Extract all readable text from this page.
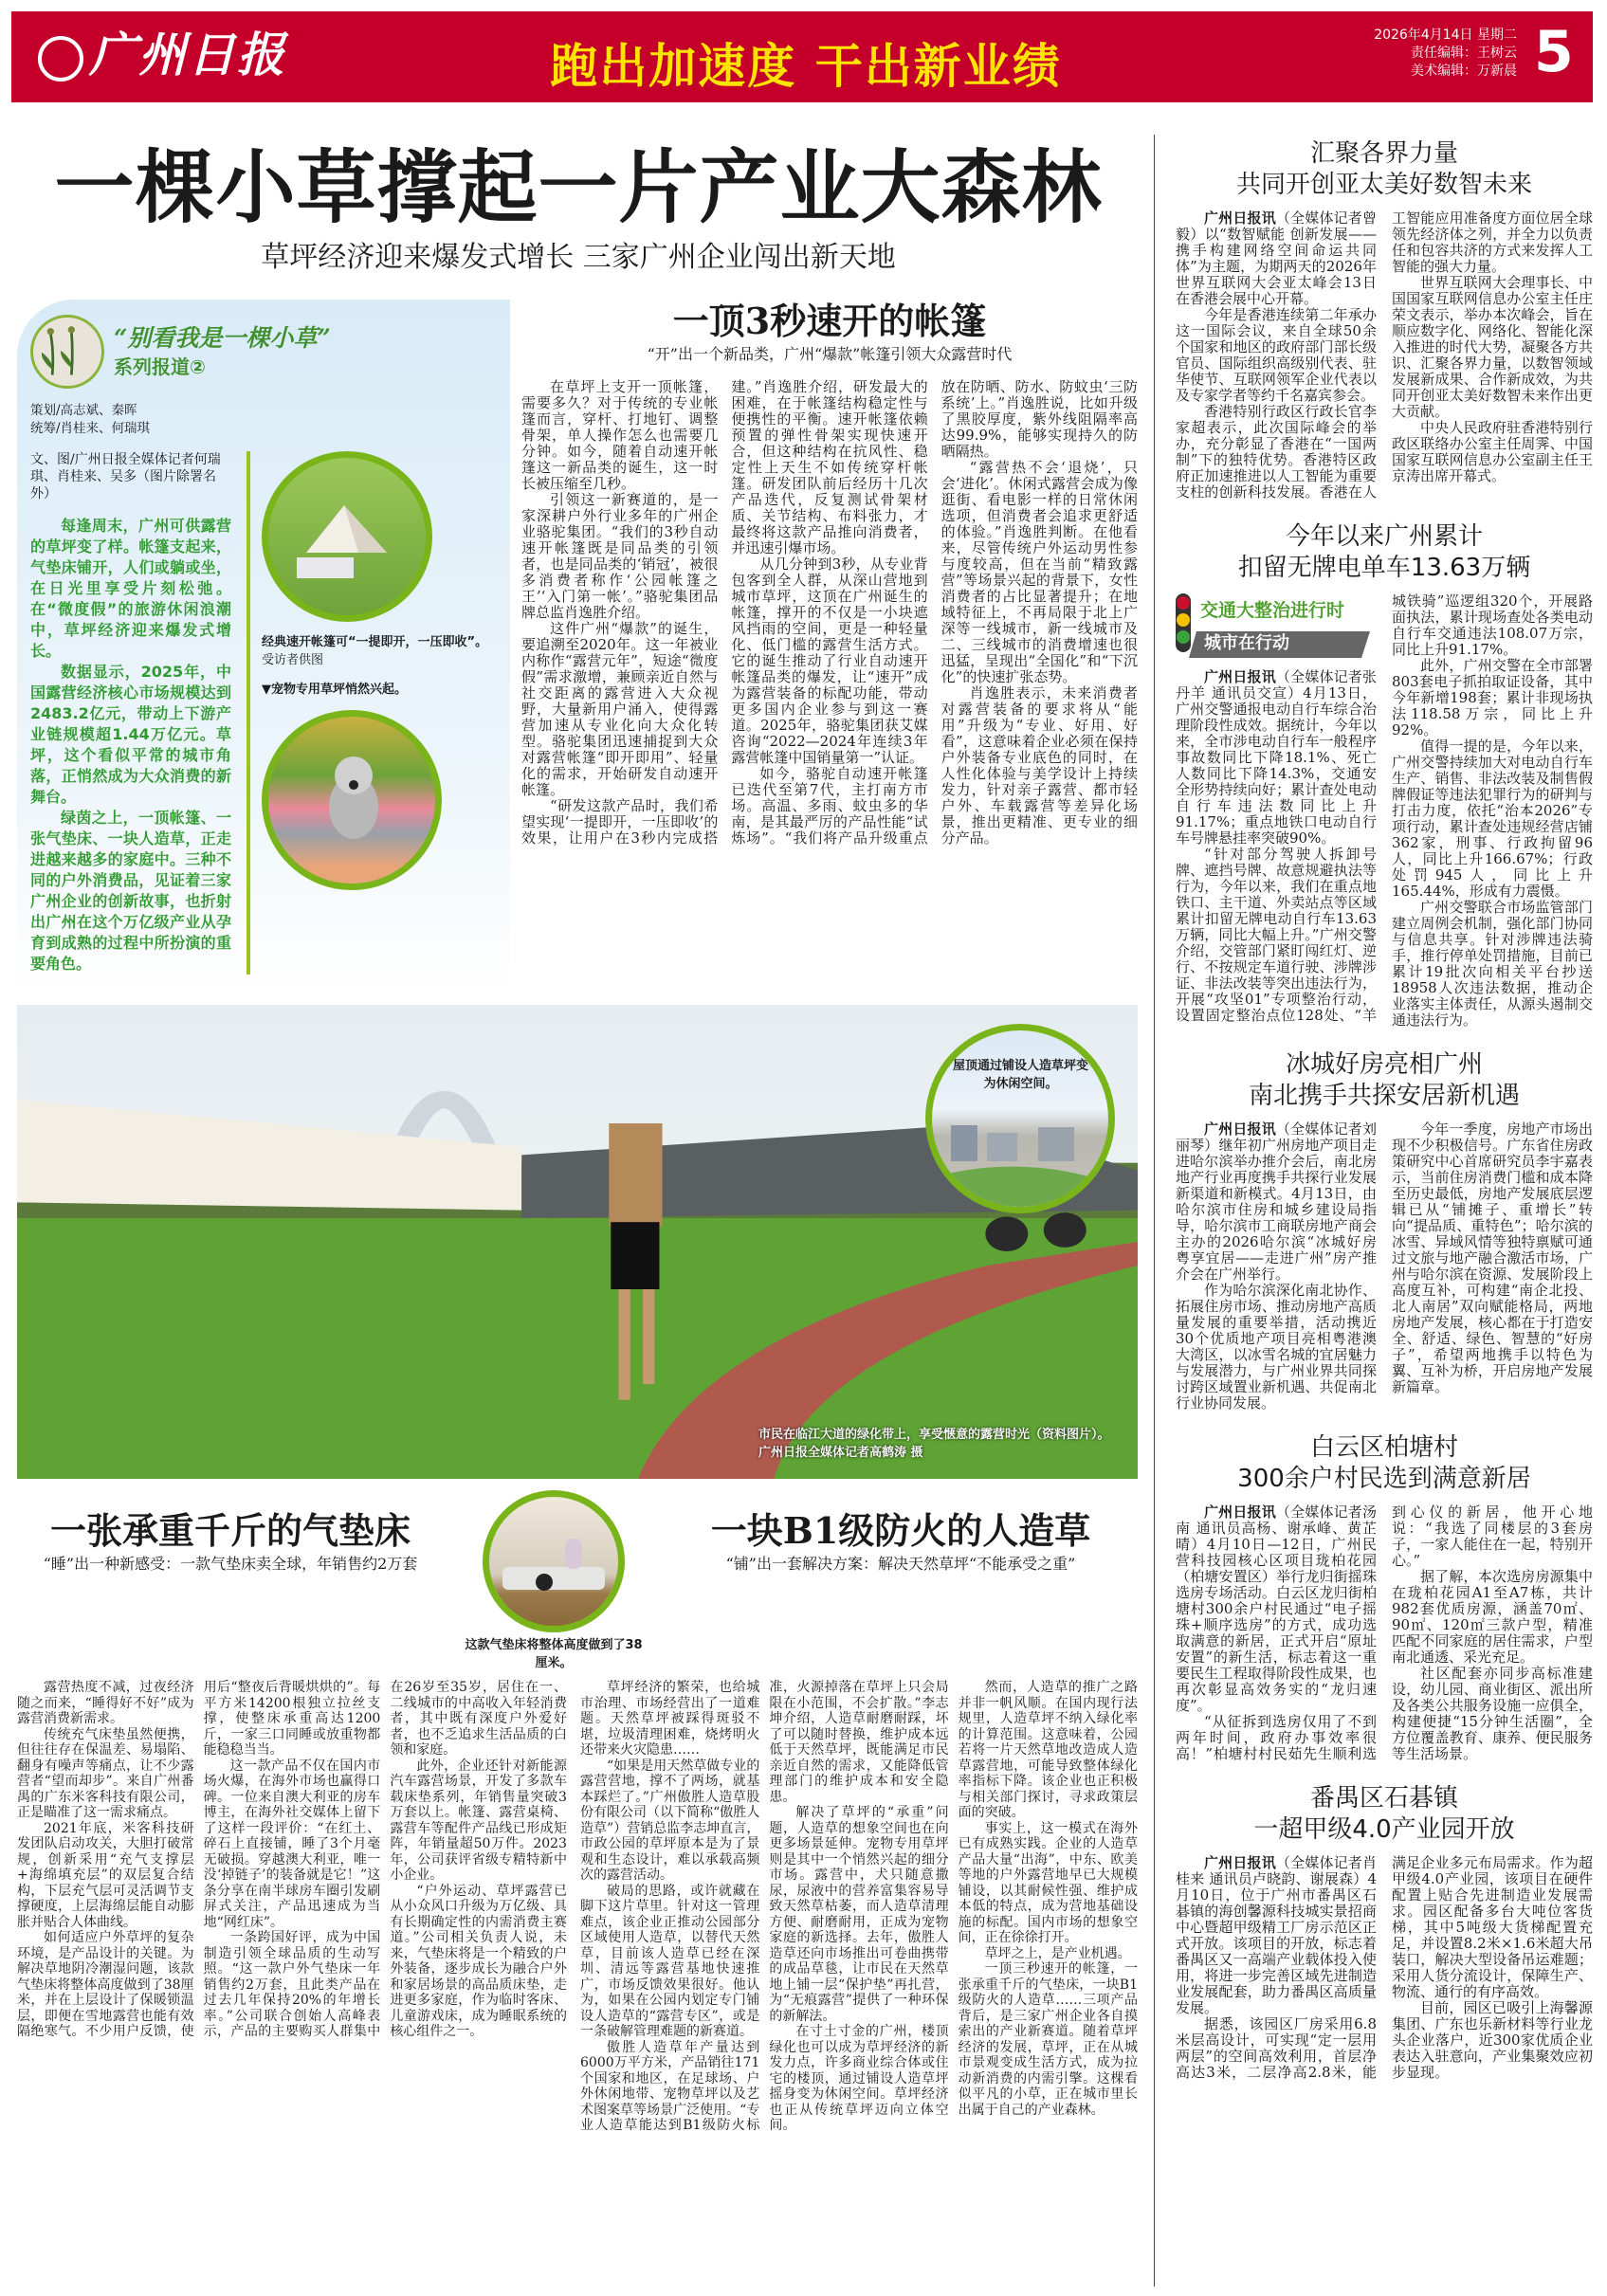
广州日报	跑出加速度 干出新业绩
2026年4月14日 星期二
责任编辑：王树云
美术编辑：万新晨 5
一棵小草撑起一片产业大森林
草坪经济迎来爆发式增长 三家广州企业闯出新天地
“别看我是一棵小草”
系列报道②
策划/高志斌、秦晖
统筹/肖桂来、何瑞琪
文、图/广州日报全媒体记者何瑞琪、肖桂来、吴多（图片除署名外）

每逢周末，广州可供露营的草坪变了样。帐篷支起来，气垫床铺开，人们或躺或坐，在日光里享受片刻松弛。在“微度假”的旅游休闲浪潮中，草坪经济迎来爆发式增长。

数据显示，2025年，中国露营经济核心市场规模达到2483.2亿元，带动上下游产业链规模超1.44万亿元。草坪，这个看似平常的城市角落，正悄然成为大众消费的新舞台。

绿茵之上，一顶帐篷、一张气垫床、一块人造草，正走进越来越多的家庭中。三种不同的户外消费品，见证着三家广州企业的创新故事，也折射出广州在这个万亿级产业从孕育到成熟的过程中所扮演的重要角色。

经典速开帐篷可“一提即开，一压即收”。 受访者供图
▼宠物专用草坪悄然兴起。
一顶3秒速开的帐篷
“开”出一个新品类，广州“爆款”帐篷引领大众露营时代

在草坪上支开一顶帐篷，需要多久？对于传统的专业帐篷而言，穿杆、打地钉、调整骨架，单人操作怎么也需要几分钟。如今，随着自动速开帐篷这一新品类的诞生，这一时长被压缩至几秒。

引领这一新赛道的，是一家深耕户外行业多年的广州企业骆驼集团。“我们的3秒自动速开帐篷既是同品类的引领者，也是同品类的‘销冠’，被很多消费者称作‘公园帐篷之王’‘入门第一帐’。”骆驼集团品牌总监肖逸胜介绍。

这件广州“爆款”的诞生，要追溯至2020年。这一年被业内称作“露营元年”，短途“微度假”需求激增，兼顾亲近自然与社交距离的露营进入大众视野，大量新用户涌入，使得露营加速从专业化向大众化转型。骆驼集团迅速捕捉到大众对露营帐篷“即开即用”、轻量化的需求，开始研发自动速开帐篷。

“研发这款产品时，我们希望实现‘一提即开，一压即收’的效果，让用户在3秒内完成搭建。”肖逸胜介绍，研发最大的困难，在于帐篷结构稳定性与便携性的平衡。速开帐篷依赖预置的弹性骨架实现快速开合，但这种结构在抗风性、稳定性上天生不如传统穿杆帐篷。研发团队前后经历十几次产品迭代，反复测试骨架材质、关节结构、布料张力，才最终将这款产品推向消费者，并迅速引爆市场。

从几分钟到3秒，从专业背包客到全人群，从深山营地到城市草坪，这顶在广州诞生的帐篷，撑开的不仅是一小块遮风挡雨的空间，更是一种轻量化、低门槛的露营生活方式。它的诞生推动了行业自动速开帐篷品类的爆发，让“速开”成为露营装备的标配功能，带动更多国内企业参与到这一赛道。2025年，骆驼集团获艾媒咨询“2022—2024年连续3年露营帐篷中国销量第一”认证。

如今，骆驼自动速开帐篷已迭代至第7代，主打南方市场。高温、多雨、蚊虫多的华南，是其最严厉的产品性能“试炼场”。“我们将产品升级重点放在防晒、防水、防蚊虫‘三防系统’上。”肖逸胜说，比如升级了黑胶厚度，紫外线阻隔率高达99.9%，能够实现持久的防晒隔热。

“露营热不会‘退烧’，只会‘进化’。休闲式露营会成为像逛街、看电影一样的日常休闲选项，但消费者会追求更舒适的体验。”肖逸胜判断。在他看来，尽管传统户外运动男性参与度较高，但在当前“精致露营”等场景兴起的背景下，女性消费者的占比显著提升；在地域特征上，不再局限于北上广深等一线城市，新一线城市及二、三线城市的消费增速也很迅猛，呈现出“全国化”和“下沉化”的快速扩张态势。

肖逸胜表示，未来消费者对露营装备的要求将从“能用”升级为“专业、好用、好看”，这意味着企业必须在保持户外装备专业底色的同时，在人性化体验与美学设计上持续发力，针对亲子露营、都市轻户外、车载露营等差异化场景，推出更精准、更专业的细分产品。

屋顶通过铺设人造草坪变为休闲空间。
市民在临江大道的绿化带上，享受惬意的露营时光（资料图片）。 广州日报全媒体记者高鹤涛 摄
一张承重千斤的气垫床
“睡”出一种新感受：一款气垫床卖全球，年销售约2万套
这款气垫床将整体高度做到了38厘米。
一块B1级防火的人造草
“铺”出一套解决方案：解决天然草坪“不能承受之重”

露营热度不减，过夜经济随之而来，“睡得好不好”成为露营消费新需求。

传统充气床垫虽然便携，但往往存在保温差、易塌陷、翻身有噪声等痛点，让不少露营者“望而却步”。来自广州番禺的广东米客科技有限公司，正是瞄准了这一需求痛点。

2021年底，米客科技研发团队启动攻关，大胆打破常规，创新采用“充气支撑层+海绵填充层”的双层复合结构，下层充气层可灵活调节支撑硬度，上层海绵层能自动膨胀并贴合人体曲线。

如何适应户外草坪的复杂环境，是产品设计的关键。为解决草地阴冷潮湿问题，该款气垫床将整体高度做到了38厘米，并在上层设计了保暖锁温层，即便在雪地露营也能有效隔绝寒气。不少用户反馈，使用后“整夜后背暖烘烘的”。每平方米14200根独立拉丝支撑，使整床承重高达1200斤，一家三口同睡或放重物都能稳稳当当。

这一款产品不仅在国内市场火爆，在海外市场也赢得口碑。一位来自澳大利亚的房车博主，在海外社交媒体上留下了这样一段评价：“在红土、碎石上直接铺，睡了3个月毫无破损。穿越澳大利亚，唯一没‘掉链子’的装备就是它！”这条分享在南半球房车圈引发刷屏式关注，产品迅速成为当地“网红床”。

一条跨国好评，成为中国制造引领全球品质的生动写照。“这一款户外气垫床一年销售约2万套，且此类产品在过去几年保持20%的年增长率。”公司联合创始人高峰表示，产品的主要购买人群集中在26岁至35岁，居住在一、二线城市的中高收入年轻消费者，其中既有深度户外爱好者，也不乏追求生活品质的白领和家庭。

此外，企业还针对新能源汽车露营场景，开发了多款车载床垫系列，年销售量突破3万套以上。帐篷、露营桌椅、露营车等配件产品线已形成矩阵，年销量超50万件。2023年，公司获评省级专精特新中小企业。

“户外运动、草坪露营已从小众风口升级为万亿级、具有长期确定性的内需消费主赛道。”公司相关负责人说，未来，气垫床将是一个精致的户外装备，逐步成长为融合户外和家居场景的高品质床垫，走进更多家庭，作为临时客床、儿童游戏床，成为睡眠系统的核心组件之一。

草坪经济的繁荣，也给城市治理、市场经营出了一道难题。天然草坪被踩得斑驳不堪，垃圾清理困难，烧烤明火还带来火灾隐患……

“如果是用天然草做专业的露营营地，撑不了两场，就基本踩烂了。”广州傲胜人造草股份有限公司（以下简称“傲胜人造草”）营销总监李志坤直言，市政公园的草坪原本是为了景观和生态设计，难以承载高频次的露营活动。

破局的思路，或许就藏在脚下这片草里。针对这一管理难点，该企业正推动公园部分区域使用人造草，以替代天然草，目前该人造草已经在深圳、清远等露营基地快速推广，市场反馈效果很好。他认为，如果在公园内划定专门铺设人造草的“露营专区”，或是一条破解管理难题的新赛道。

傲胜人造草年产量达到6000万平方米，产品销往171个国家和地区，在足球场、户外休闲地带、宠物草坪以及艺术图案草等场景广泛使用。“专业人造草能达到B1级防火标准，火源掉落在草坪上只会局限在小范围，不会扩散。”李志坤介绍，人造草耐磨耐踩，坏了可以随时替换，维护成本远低于天然草坪，既能满足市民亲近自然的需求，又能降低管理部门的维护成本和安全隐患。

解决了草坪的“承重”问题，人造草的想象空间也在向更多场景延伸。宠物专用草坪则是其中一个悄然兴起的细分市场。露营中，犬只随意撒尿，尿液中的营养富集容易导致天然草枯萎，而人造草清理方便、耐磨耐用，正成为宠物家庭的新选择。去年，傲胜人造草还向市场推出可卷曲携带的成品草毯，让市民在天然草地上铺一层“保护垫”再扎营，为“无痕露营”提供了一种环保的新解法。

在寸土寸金的广州，楼顶绿化也可以成为草坪经济的新发力点，许多商业综合体或住宅的楼顶，通过铺设人造草坪摇身变为休闲空间。草坪经济也正从传统草坪迈向立体空间。

然而，人造草的推广之路并非一帆风顺。在国内现行法规里，人造草坪不纳入绿化率的计算范围。这意味着，公园若将一片天然草地改造成人造草露营地，可能导致整体绿化率指标下降。该企业也正积极与相关部门探讨，寻求政策层面的突破。

事实上，这一模式在海外已有成熟实践。企业的人造草产品大量“出海”，中东、欧美等地的户外露营地早已大规模铺设，以其耐候性强、维护成本低的特点，成为营地基础设施的标配。国内市场的想象空间，正在徐徐打开。

草坪之上，是产业机遇。

一顶三秒速开的帐篷，一张承重千斤的气垫床，一块B1级防火的人造草……三项产品背后，是三家广州企业各自摸索出的产业新赛道。随着草坪经济的发展，草坪，正在从城市景观变成生活方式，成为拉动新消费的内需引擎。这棵看似平凡的小草，正在城市里长出属于自己的产业森林。

汇聚各界力量
共同开创亚太美好数智未来

广州日报讯（全媒体记者曾毅）以“数智赋能 创新发展——携手构建网络空间命运共同体”为主题，为期两天的2026年世界互联网大会亚太峰会13日在香港会展中心开幕。

今年是香港连续第二年承办这一国际会议，来自全球50余个国家和地区的政府部门部长级官员、国际组织高级别代表、驻华使节、互联网领军企业代表以及专家学者等约千名嘉宾参会。

香港特别行政区行政长官李家超表示，此次国际峰会的举办，充分彰显了香港在“一国两制”下的独特优势。香港特区政府正加速推进以人工智能为重要支柱的创新科技发展。香港在人工智能应用准备度方面位居全球领先经济体之列，并全力以负责任和包容共济的方式来发挥人工智能的强大力量。

世界互联网大会理事长、中国国家互联网信息办公室主任庄荣文表示，举办本次峰会，旨在顺应数字化、网络化、智能化深入推进的时代大势，凝聚各方共识、汇聚各界力量，以数智领域发展新成果、合作新成效，为共同开创亚太美好数智未来作出更大贡献。

中央人民政府驻香港特别行政区联络办公室主任周霁、中国国家互联网信息办公室副主任王京涛出席开幕式。

今年以来广州累计
扣留无牌电单车13.63万辆
交通大整治进行时
城市在行动

广州日报讯（全媒体记者张丹羊 通讯员交宣）4月13日，广州交警通报电动自行车综合治理阶段性成效。据统计，今年以来，全市涉电动自行车一般程序事故数同比下降18.1%、死亡人数同比下降14.3%，交通安全形势持续向好；累计查处电动自行车违法数同比上升91.17%；重点地铁口电动自行车号牌悬挂率突破90%。

“针对部分驾驶人拆卸号牌、遮挡号牌、故意规避执法等行为，今年以来，我们在重点地铁口、主干道、外卖站点等区域累计扣留无牌电动自行车13.63万辆，同比大幅上升。”广州交警介绍，交管部门紧盯闯红灯、逆行、不按规定车道行驶、涉牌涉证、非法改装等突出违法行为，开展“攻坚01”专项整治行动，设置固定整治点位128处、“羊城铁骑”巡逻组320个，开展路面执法，累计现场查处各类电动自行车交通违法108.07万宗，同比上升91.17%。

此外，广州交警在全市部署803套电子抓拍取证设备，其中今年新增198套；累计非现场执法118.58万宗，同比上升92%。

值得一提的是，今年以来，广州交警持续加大对电动自行车生产、销售、非法改装及制售假牌假证等违法犯罪行为的研判与打击力度，依托“治本2026”专项行动，累计查处违规经营店铺362家，刑事、行政拘留96人，同比上升166.67%；行政处罚945人，同比上升165.44%，形成有力震慑。

广州交警联合市场监管部门建立周例会机制，强化部门协同与信息共享。针对涉牌违法骑手，推行停单处罚措施，目前已累计19批次向相关平台抄送18958人次违法数据，推动企业落实主体责任，从源头遏制交通违法行为。

冰城好房亮相广州
南北携手共探安居新机遇

广州日报讯（全媒体记者刘丽琴）继年初广州房地产项目走进哈尔滨举办推介会后，南北房地产行业再度携手共探行业发展新渠道和新模式。4月13日，由哈尔滨市住房和城乡建设局指导，哈尔滨市工商联房地产商会主办的2026哈尔滨“冰城好房 粤享宜居——走进广州”房产推介会在广州举行。

作为哈尔滨深化南北协作、拓展住房市场、推动房地产高质量发展的重要举措，活动携近30个优质地产项目亮相粤港澳大湾区，以冰雪名城的宜居魅力与发展潜力，与广州业界共同探讨跨区域置业新机遇、共促南北行业协同发展。

今年一季度，房地产市场出现不少积极信号。广东省住房政策研究中心首席研究员李宇嘉表示，当前住房消费门槛和成本降至历史最低，房地产发展底层逻辑已从“铺摊子、重增长”转向“提品质、重特色”；哈尔滨的冰雪、异域风情等独特禀赋可通过文旅与地产融合激活市场，广州与哈尔滨在资源、发展阶段上高度互补，可构建“南企北投、北人南居”双向赋能格局，两地房地产发展，核心都在于打造安全、舒适、绿色、智慧的“好房子”，希望两地携手以特色为翼、互补为桥，开启房地产发展新篇章。

白云区柏塘村
300余户村民选到满意新居

广州日报讯（全媒体记者汤南 通讯员高杨、谢承峰、黄芷晴）4月10日—12日，广州民营科技园核心区项目珑柏花园（柏塘安置区）举行龙归街摇珠选房专场活动。白云区龙归街柏塘村300余户村民通过“电子摇珠+顺序选房”的方式，成功选取满意的新居，正式开启“原址安置”的新生活，标志着这一重要民生工程取得阶段性成果，也再次彰显高效务实的“龙归速度”。

“从征拆到选房仅用了不到两年时间，政府办事效率很高！”柏塘村村民茹先生顺利选到心仪的新居，他开心地说：“我选了同楼层的3套房子，一家人能住在一起，特别开心。”

据了解，本次选房房源集中在珑柏花园A1至A7栋，共计982套优质房源，涵盖70㎡、90㎡、120㎡三款户型，精准匹配不同家庭的居住需求，户型南北通透、采光充足。

社区配套亦同步高标准建设，幼儿园、商业街区、派出所及各类公共服务设施一应俱全，构建便捷“15分钟生活圈”，全方位覆盖教育、康养、便民服务等生活场景。

番禺区石碁镇
一超甲级4.0产业园开放

广州日报讯（全媒体记者肖桂来 通讯员卢晓韵、谢展森）4月10日，位于广州市番禺区石碁镇的海创馨源科技城实景招商中心暨超甲级精工厂房示范区正式开放。该项目的开放，标志着番禺区又一高端产业载体投入使用，将进一步完善区域先进制造业发展配套，助力番禺区高质量发展。

据悉，该园区厂房采用6.8米层高设计，可实现“定一层用两层”的空间高效利用，首层净高达3米，二层净高2.8米，能满足企业多元布局需求。作为超甲级4.0产业园，该项目在硬件配置上贴合先进制造业发展需求。园区配备多台大吨位客货梯，其中5吨级大货梯配置充足，并设置8.2米×1.6米超大吊装口，解决大型设备吊运难题；采用人货分流设计，保障生产、物流、通行的有序高效。

目前，园区已吸引上海馨源集团、广东也乐新材料等行业龙头企业落户，近300家优质企业表达入驻意向，产业集聚效应初步显现。
